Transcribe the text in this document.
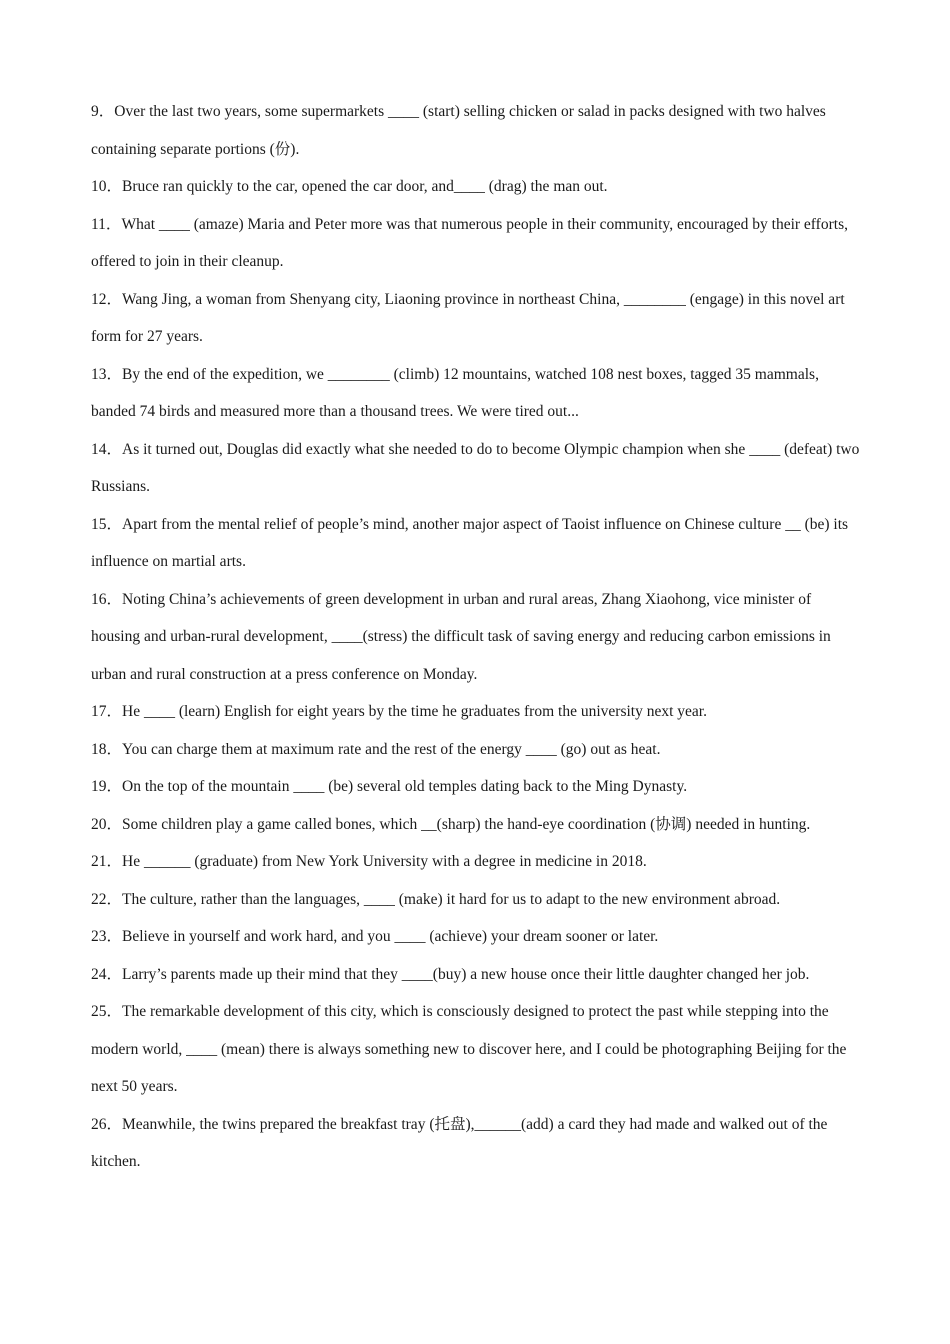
9．Over the last two years, some supermarkets ____ (start) selling chicken or salad in packs designed with two halves containing separate portions (份).

10．Bruce ran quickly to the car, opened the car door, and____ (drag) the man out.

11．What ____ (amaze) Maria and Peter more was that numerous people in their community, encouraged by their efforts, offered to join in their cleanup.

12．Wang Jing, a woman from Shenyang city, Liaoning province in northeast China, ________ (engage) in this novel art form for 27 years.

13．By the end of the expedition, we ________ (climb) 12 mountains, watched 108 nest boxes, tagged 35 mammals, banded 74 birds and measured more than a thousand trees. We were tired out...

14．As it turned out, Douglas did exactly what she needed to do to become Olympic champion when she ____ (defeat) two Russians.

15．Apart from the mental relief of people’s mind, another major aspect of Taoist influence on Chinese culture __ (be) its influence on martial arts.

16．Noting China’s achievements of green development in urban and rural areas, Zhang Xiaohong, vice minister of housing and urban-rural development, ____(stress) the difficult task of saving energy and reducing carbon emissions in urban and rural construction at a press conference on Monday.

17．He ____ (learn) English for eight years by the time he graduates from the university next year.

18．You can charge them at maximum rate and the rest of the energy ____ (go) out as heat.

19．On the top of the mountain ____ (be) several old temples dating back to the Ming Dynasty.

20．Some children play a game called bones, which __(sharp) the hand-eye coordination (协调) needed in hunting.

21．He ______ (graduate) from New York University with a degree in medicine in 2018.

22．The culture, rather than the languages, ____ (make) it hard for us to adapt to the new environment abroad.

23．Believe in yourself and work hard, and you ____ (achieve) your dream sooner or later.

24．Larry’s parents made up their mind that they ____(buy) a new house once their little daughter changed her job.

25．The remarkable development of this city, which is consciously designed to protect the past while stepping into the modern world, ____ (mean) there is always something new to discover here, and I could be photographing Beijing for the next 50 years.

26．Meanwhile, the twins prepared the breakfast tray (托盘),______(add) a card they had made and walked out of the kitchen.
